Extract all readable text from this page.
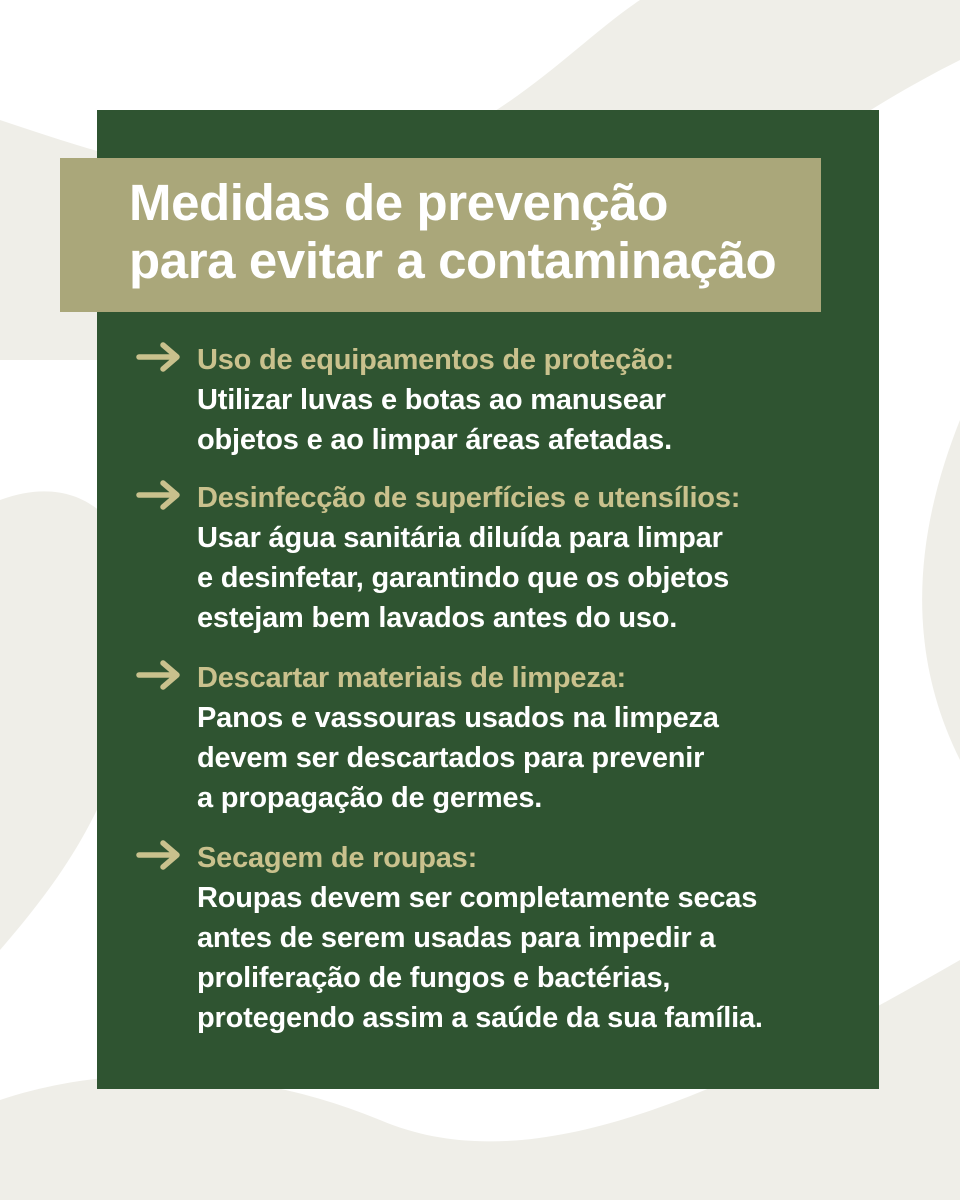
Medidas de prevenção
para evitar a contaminação
Uso de equipamentos de proteção:
Utilizar luvas e botas ao manusear
objetos e ao limpar áreas afetadas.
Desinfecção de superfícies e utensílios:
Usar água sanitária diluída para limpar
e desinfetar, garantindo que os objetos
estejam bem lavados antes do uso.
Descartar materiais de limpeza:
Panos e vassouras usados na limpeza
devem ser descartados para prevenir
a propagação de germes.
Secagem de roupas:
Roupas devem ser completamente secas
antes de serem usadas para impedir a
proliferação de fungos e bactérias,
protegendo assim a saúde da sua família.
